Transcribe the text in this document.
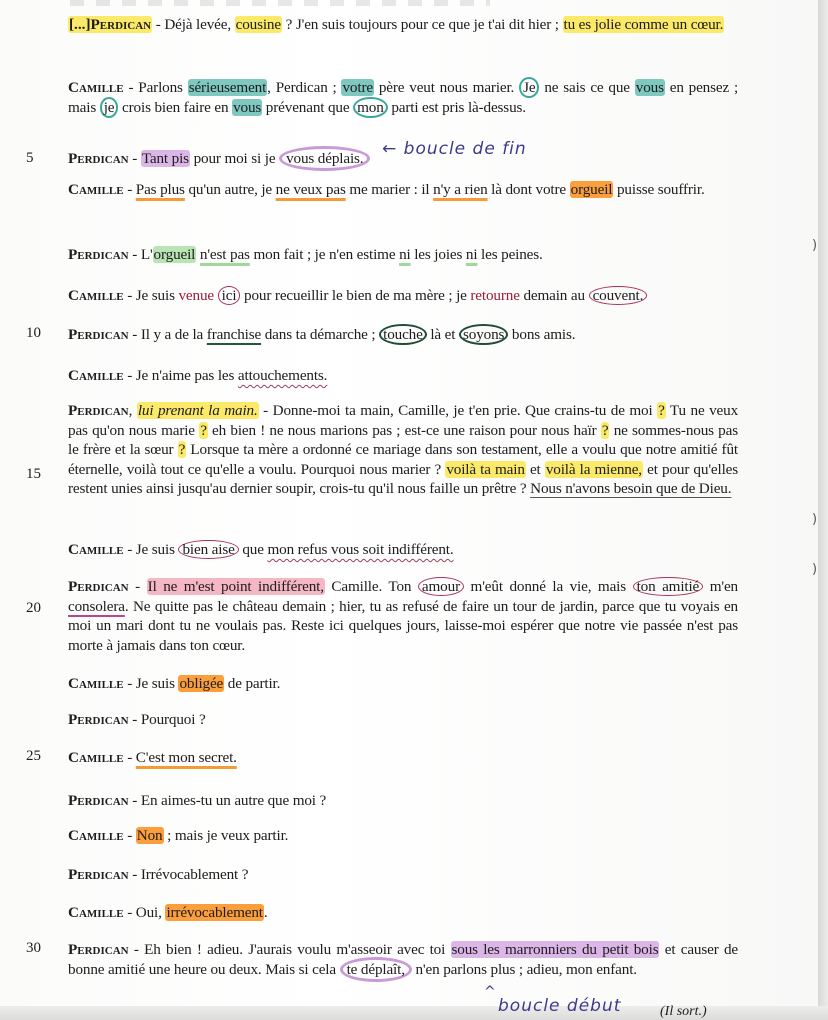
5
10
15
20
25
30
[...]Perdican - Déjà levée, cousine ? J'en suis toujours pour ce que je t'ai dit hier ; tu es jolie comme un cœur.
Camille - Parlons sérieusement, Perdican ; votre père veut nous marier. Je ne sais ce que vous en pensez ; mais je crois bien faire en vous prévenant que mon parti est pris là-dessus.
Perdican - Tant pis pour moi si je vous déplais.	← boucle de fin
Camille - Pas plus qu'un autre, je ne veux pas me marier : il n'y a rien là dont votre orgueil puisse souffrir.
Perdican - L'orgueil n'est pas mon fait ; je n'en estime ni les joies ni les peines.
Camille - Je suis venue ici pour recueillir le bien de ma mère ; je retourne demain au couvent.
Perdican - Il y a de la franchise dans ta démarche ; touche là et soyons bons amis.
Camille - Je n'aime pas les attouchements.
Perdican, lui prenant la main. - Donne-moi ta main, Camille, je t'en prie. Que crains-tu de moi ? Tu ne veux pas qu'on nous marie ? eh bien ! ne nous marions pas ; est-ce une raison pour nous haïr ? ne sommes-nous pas le frère et la sœur ? Lorsque ta mère a ordonné ce mariage dans son testament, elle a voulu que notre amitié fût éternelle, voilà tout ce qu'elle a voulu. Pourquoi nous marier ? voilà ta main et voilà la mienne, et pour qu'elles restent unies ainsi jusqu'au dernier soupir, crois-tu qu'il nous faille un prêtre ? Nous n'avons besoin que de Dieu.
Camille - Je suis bien aise que mon refus vous soit indifférent.
Perdican - Il ne m'est point indifférent, Camille. Ton amour m'eût donné la vie, mais ton amitié m'en consolera. Ne quitte pas le château demain ; hier, tu as refusé de faire un tour de jardin, parce que tu voyais en moi un mari dont tu ne voulais pas. Reste ici quelques jours, laisse-moi espérer que notre vie passée n'est pas morte à jamais dans ton cœur.
Camille - Je suis obligée de partir.
Perdican - Pourquoi ?
Camille - C'est mon secret.
Perdican - En aimes-tu un autre que moi ?
Camille - Non ; mais je veux partir.
Perdican - Irrévocablement ?
Camille - Oui, irrévocablement.
Perdican - Eh bien ! adieu. J'aurais voulu m'asseoir avec toi sous les marronniers du petit bois et causer de bonne amitié une heure ou deux. Mais si cela te déplaît, n'en parlons plus ; adieu, mon enfant.
^
boucle début	(Il sort.)
)
)
)
